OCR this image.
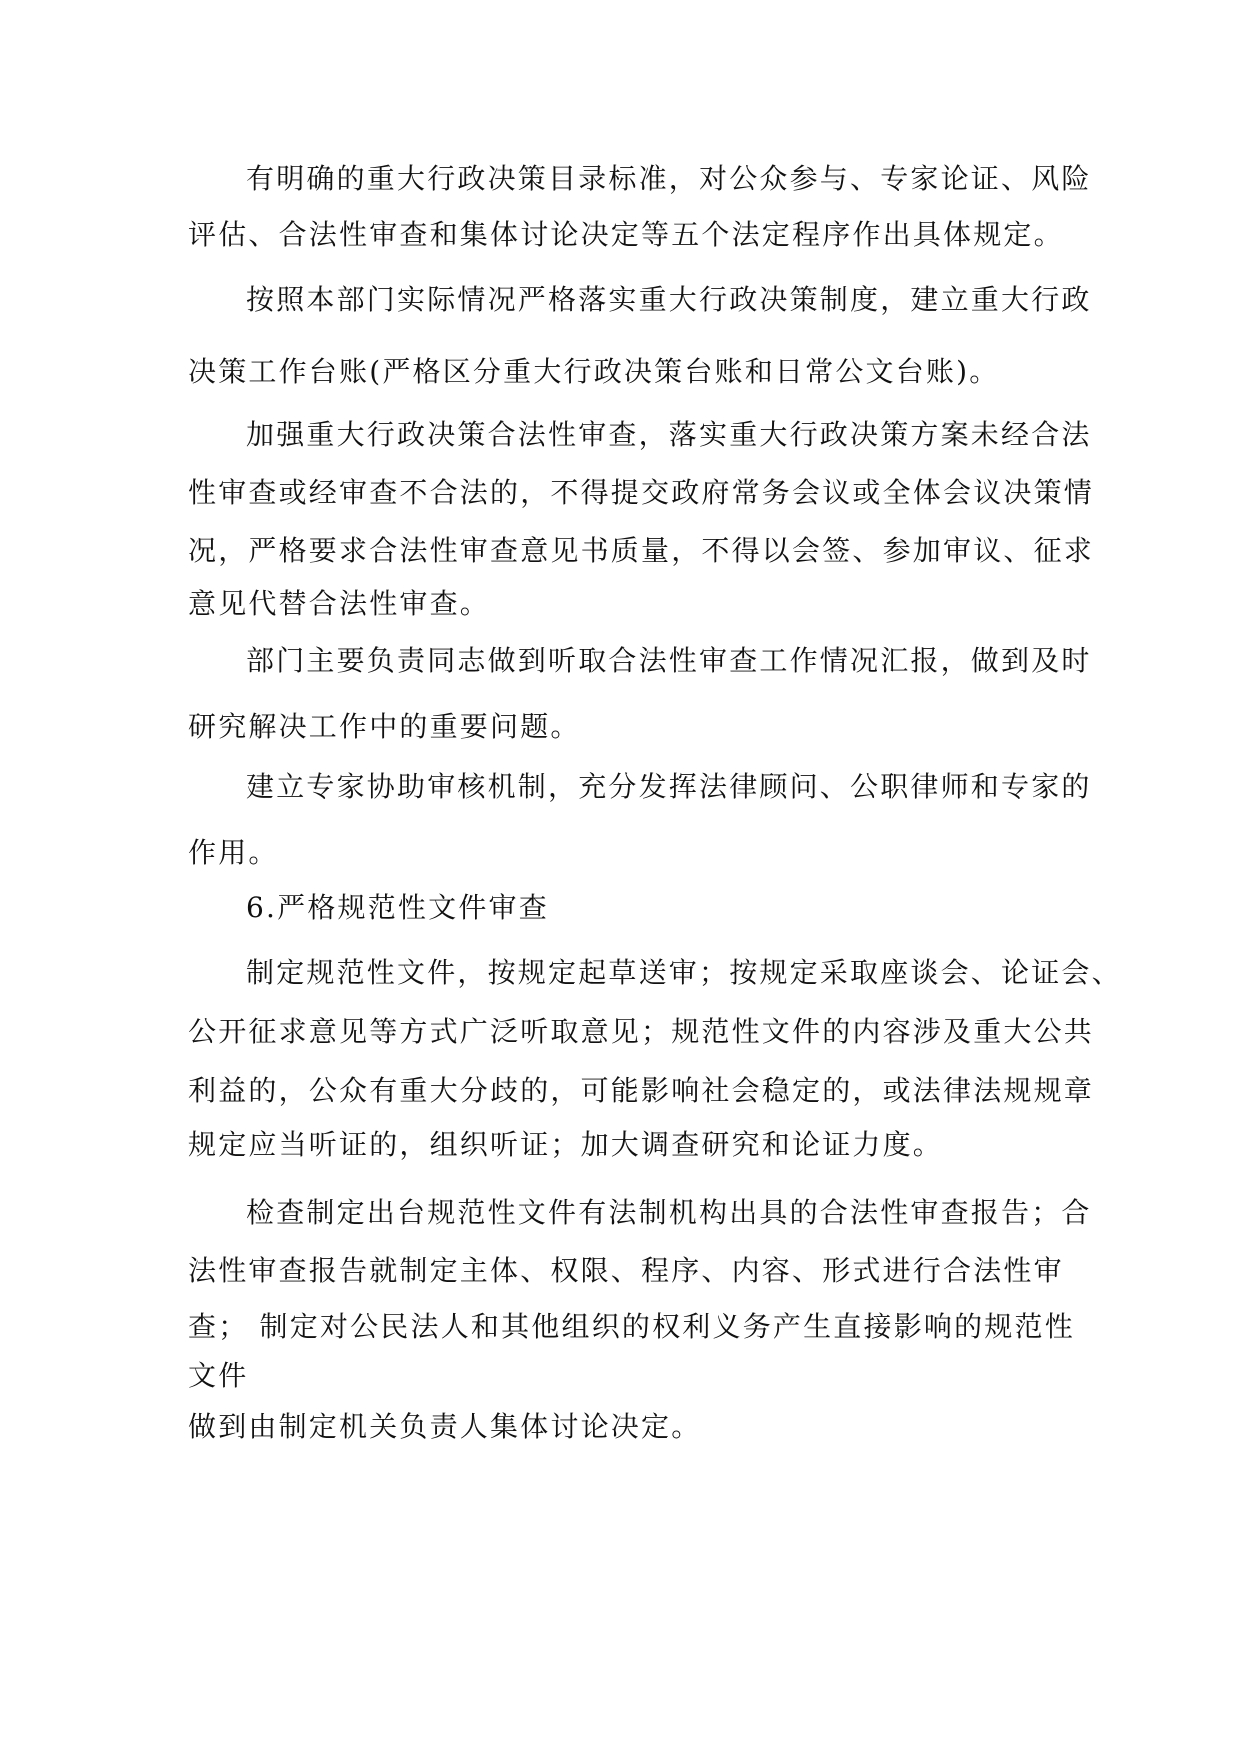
有明确的重大行政决策目录标准，对公众参与、专家论证、风险
评估、合法性审查和集体讨论决定等五个法定程序作出具体规定。
按照本部门实际情况严格落实重大行政决策制度，建立重大行政
决策工作台账(严格区分重大行政决策台账和日常公文台账)。
加强重大行政决策合法性审查，落实重大行政决策方案未经合法
性审查或经审查不合法的，不得提交政府常务会议或全体会议决策情
况，严格要求合法性审查意见书质量，不得以会签、参加审议、征求
意见代替合法性审查。
部门主要负责同志做到听取合法性审查工作情况汇报，做到及时
研究解决工作中的重要问题。
建立专家协助审核机制，充分发挥法律顾问、公职律师和专家的
作用。
6.严格规范性文件审查
制定规范性文件，按规定起草送审；按规定采取座谈会、论证会、
公开征求意见等方式广泛听取意见；规范性文件的内容涉及重大公共
利益的，公众有重大分歧的，可能影响社会稳定的，或法律法规规章
规定应当听证的，组织听证；加大调查研究和论证力度。
检查制定出台规范性文件有法制机构出具的合法性审查报告；合
法性审查报告就制定主体、权限、程序、内容、形式进行合法性审
查； 制定对公民法人和其他组织的权利义务产生直接影响的规范性
文件
做到由制定机关负责人集体讨论决定。
